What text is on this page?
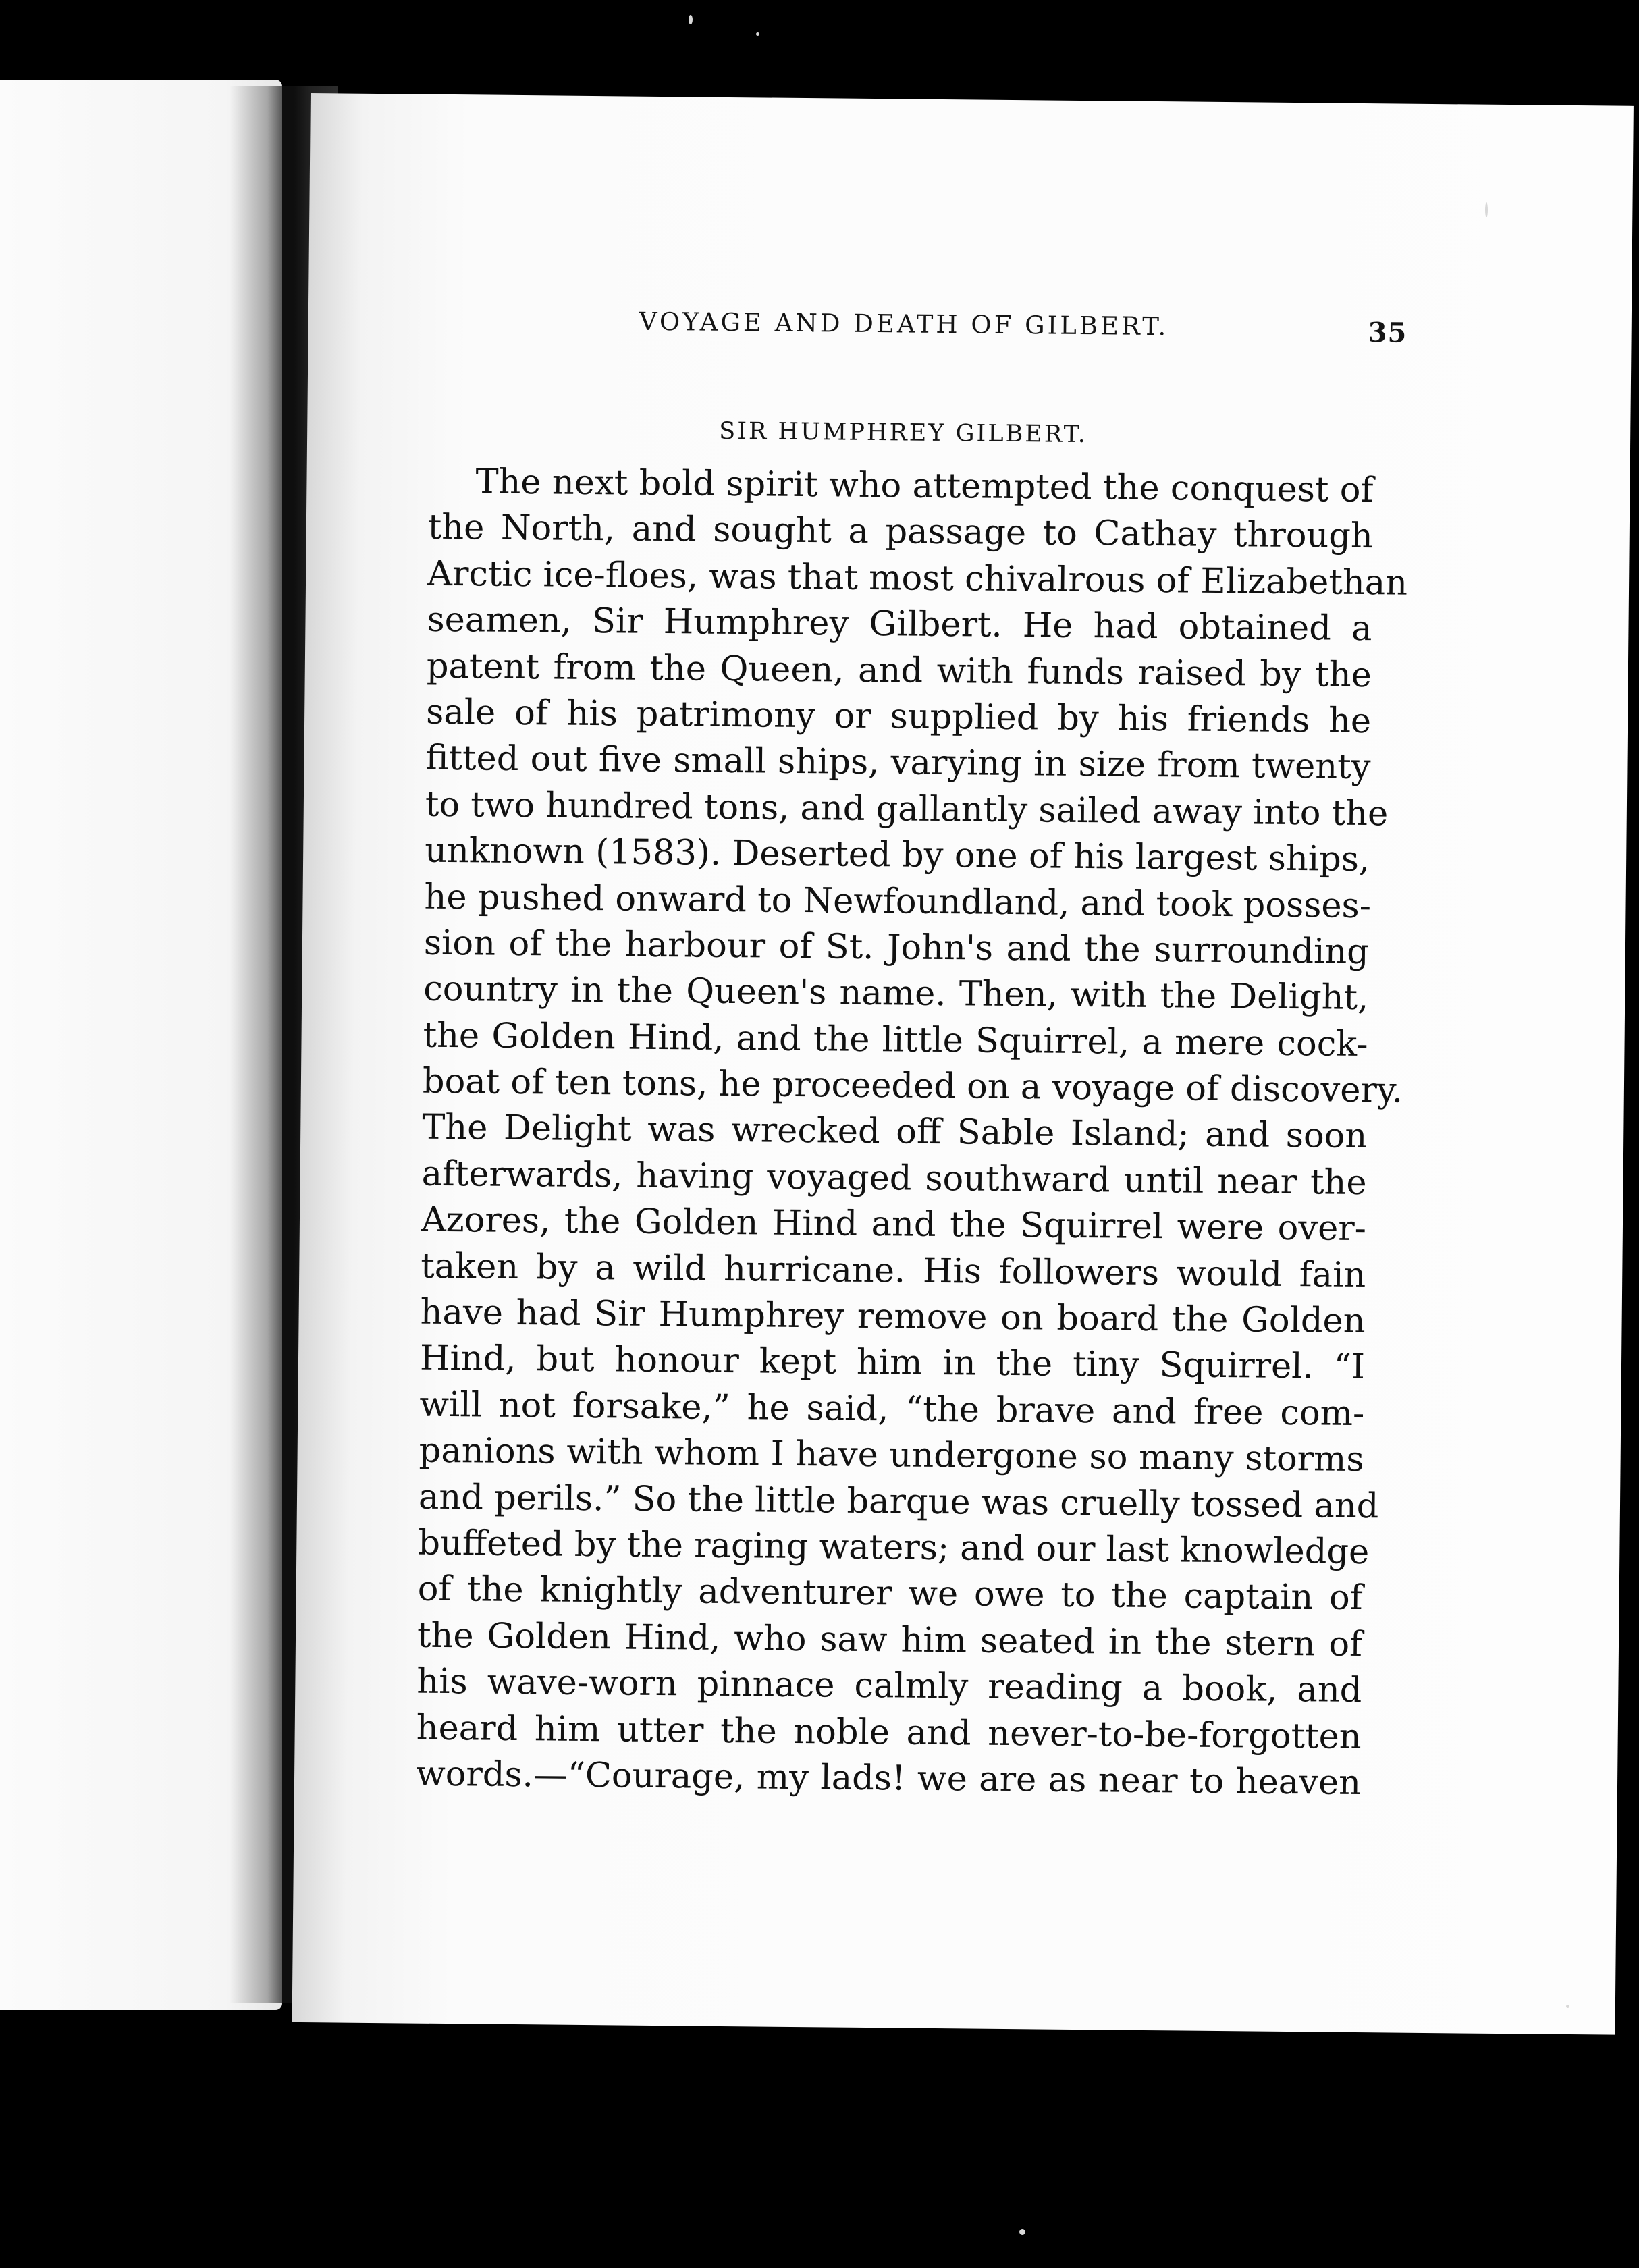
VOYAGE AND DEATH OF GILBERT.	35
SIR HUMPHREY GILBERT.
The next bold spirit who attempted the conquest of
the North, and sought a passage to Cathay through
Arctic ice-floes, was that most chivalrous of Elizabethan
seamen, Sir Humphrey Gilbert. He had obtained a
patent from the Queen, and with funds raised by the
sale of his patrimony or supplied by his friends he
fitted out five small ships, varying in size from twenty
to two hundred tons, and gallantly sailed away into the
unknown (1583). Deserted by one of his largest ships,
he pushed onward to Newfoundland, and took posses-
sion of the harbour of St. John's and the surrounding
country in the Queen's name. Then, with the Delight,
the Golden Hind, and the little Squirrel, a mere cock-
boat of ten tons, he proceeded on a voyage of discovery.
The Delight was wrecked off Sable Island; and soon
afterwards, having voyaged southward until near the
Azores, the Golden Hind and the Squirrel were over-
taken by a wild hurricane. His followers would fain
have had Sir Humphrey remove on board the Golden
Hind, but honour kept him in the tiny Squirrel. “I
will not forsake,” he said, “the brave and free com-
panions with whom I have undergone so many storms
and perils.” So the little barque was cruelly tossed and
buffeted by the raging waters; and our last knowledge
of the knightly adventurer we owe to the captain of
the Golden Hind, who saw him seated in the stern of
his wave-worn pinnace calmly reading a book, and
heard him utter the noble and never-to-be-forgotten
words.—“Courage, my lads! we are as near to heaven
